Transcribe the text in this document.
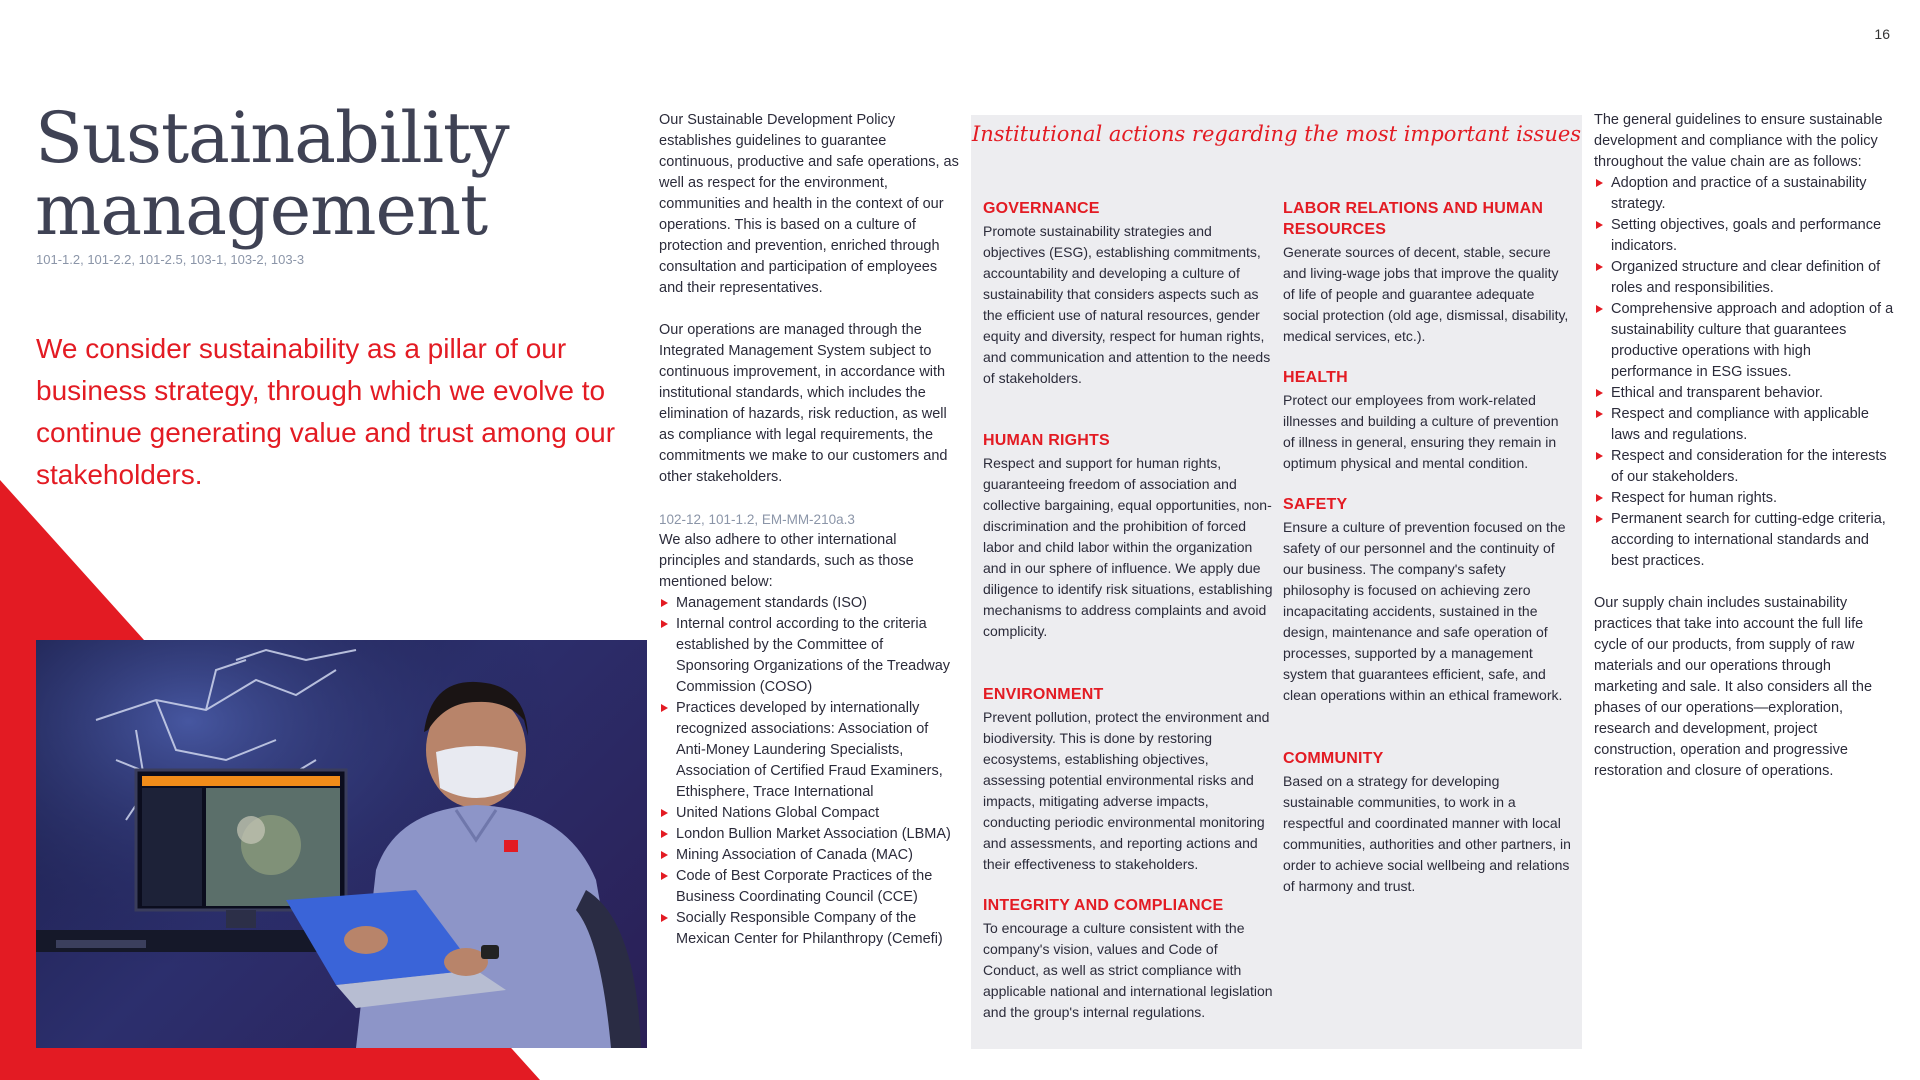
16
Sustainability
management
101-1.2, 101-2.2, 101-2.5, 103-1, 103-2, 103-3
We consider sustainability as a pillar of our business strategy, through which we evolve to continue generating value and trust among our stakeholders.

Our Sustainable Development Policy establishes guidelines to guarantee continuous, productive and safe operations, as well as respect for the environment, communities and health in the context of our operations. This is based on a culture of protection and prevention, enriched through consultation and participation of employees and their representatives.

Our operations are managed through the Integrated Management System subject to continuous improvement, in accordance with institutional standards, which includes the elimination of hazards, risk reduction, as well as compliance with legal requirements, the commitments we make to our customers and other stakeholders.

102-12, 101-1.2, EM-MM-210a.3
We also adhere to other international principles and standards, such as those mentioned below:
Management standards (ISO)
Internal control according to the criteria established by the Committee of Sponsoring Organizations of the Treadway Commission (COSO)
Practices developed by internationally recognized associations: Association of Anti-Money Laundering Specialists, Association of Certified Fraud Examiners, Ethisphere, Trace International
United Nations Global Compact
London Bullion Market Association (LBMA)
Mining Association of Canada (MAC)
Code of Best Corporate Practices of the Business Coordinating Council (CCE)
Socially Responsible Company of the Mexican Center for Philanthropy (Cemefi)
Institutional actions regarding the most important issues
GOVERNANCE
Promote sustainability strategies and objectives (ESG), establishing commitments, accountability and developing a culture of sustainability that considers aspects such as the efficient use of natural resources, gender equity and diversity, respect for human rights, and communication and attention to the needs of stakeholders.
HUMAN RIGHTS
Respect and support for human rights, guaranteeing freedom of association and collective bargaining, equal opportunities, non-discrimination and the prohibition of forced labor and child labor within the organization and in our sphere of influence. We apply due diligence to identify risk situations, establishing mechanisms to address complaints and avoid complicity.
ENVIRONMENT
Prevent pollution, protect the environment and biodiversity. This is done by restoring ecosystems, establishing objectives, assessing potential environmental risks and impacts, mitigating adverse impacts, conducting periodic environmental monitoring and assessments, and reporting actions and their effectiveness to stakeholders.
INTEGRITY AND COMPLIANCE
To encourage a culture consistent with the company's vision, values and Code of Conduct, as well as strict compliance with applicable national and international legislation and the group's internal regulations.
LABOR RELATIONS AND HUMAN RESOURCES
Generate sources of decent, stable, secure and living-wage jobs that improve the quality of life of people and guarantee adequate social protection (old age, dismissal, disability, medical services, etc.).
HEALTH
Protect our employees from work-related illnesses and building a culture of prevention of illness in general, ensuring they remain in optimum physical and mental condition.
SAFETY
Ensure a culture of prevention focused on the safety of our personnel and the continuity of our business. The company's safety philosophy is focused on achieving zero incapacitating accidents, sustained in the design, maintenance and safe operation of processes, supported by a management system that guarantees efficient, safe, and clean operations within an ethical framework.
COMMUNITY
Based on a strategy for developing sustainable communities, to work in a respectful and coordinated manner with local communities, authorities and other partners, in order to achieve social wellbeing and relations of harmony and trust.
The general guidelines to ensure sustainable development and compliance with the policy throughout the value chain are as follows:
Adoption and practice of a sustainability strategy.
Setting objectives, goals and performance indicators.
Organized structure and clear definition of roles and responsibilities.
Comprehensive approach and adoption of a sustainability culture that guarantees productive operations with high performance in ESG issues.
Ethical and transparent behavior.
Respect and compliance with applicable laws and regulations.
Respect and consideration for the interests of our stakeholders.
Respect for human rights.
Permanent search for cutting-edge criteria, according to international standards and best practices.

Our supply chain includes sustainability practices that take into account the full life cycle of our products, from supply of raw materials and our operations through marketing and sale. It also considers all the phases of our operations—exploration, research and development, project construction, operation and progressive restoration and closure of operations.
